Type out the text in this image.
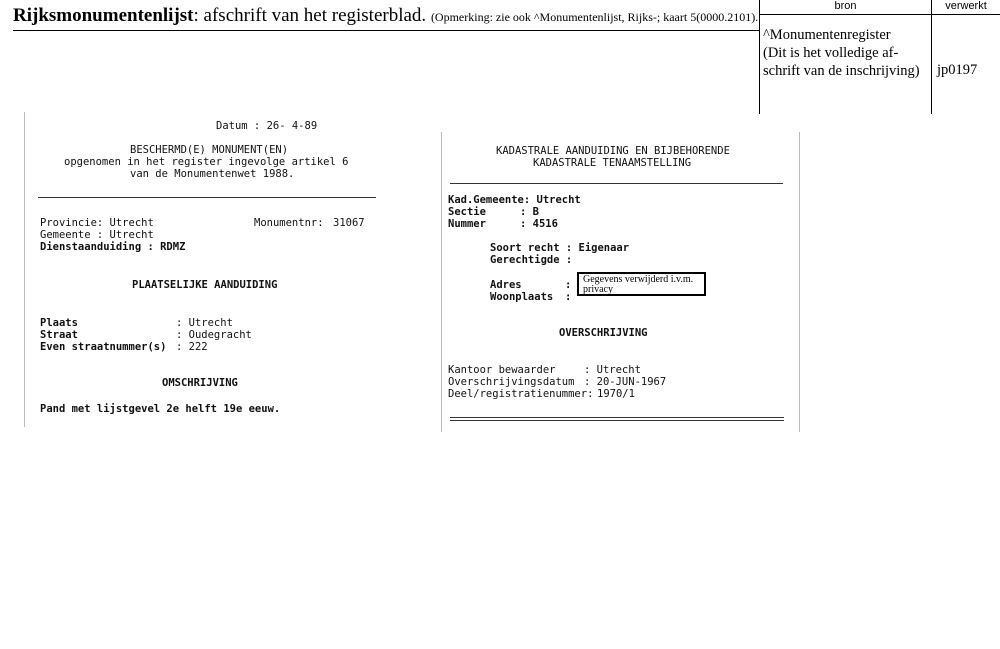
Rijksmonumentenlijst: afschrift van het registerblad. (Opmerking: zie ook ^Monumentenlijst, Rijks-; kaart 5(0000.2101).
bron	verwerkt
^Monumentenregister
(Dit is het volledige af-
schrift van de inschrijving) jp0197
Datum : 26- 4-89
BESCHERMD(E) MONUMENT(EN)
opgenomen in het register ingevolge artikel 6
van de Monumentenwet 1988.
Provincie: Utrecht	Monumentnr: 31067
Gemeente : Utrecht
Dienstaanduiding : RDMZ
PLAATSELIJKE AANDUIDING
Plaats	: Utrecht
Straat	: Oudegracht
Even straatnummer(s) : 222
OMSCHRIJVING
Pand met lijstgevel 2e helft 19e eeuw.
KADASTRALE AANDUIDING EN BIJBEHORENDE
KADASTRALE TENAAMSTELLING
Kad.Gemeente: Utrecht
Sectie	: B
Nummer	: 4516
Soort recht : Eigenaar
Gerechtigde :
Adres	:
Woonplaats :
Gegevens verwijderd i.v.m. privacy
OVERSCHRIJVING
Kantoor bewaarder	: Utrecht
Overschrijvingsdatum : 20-JUN-1967
Deel/registratienummer: 1970/1
